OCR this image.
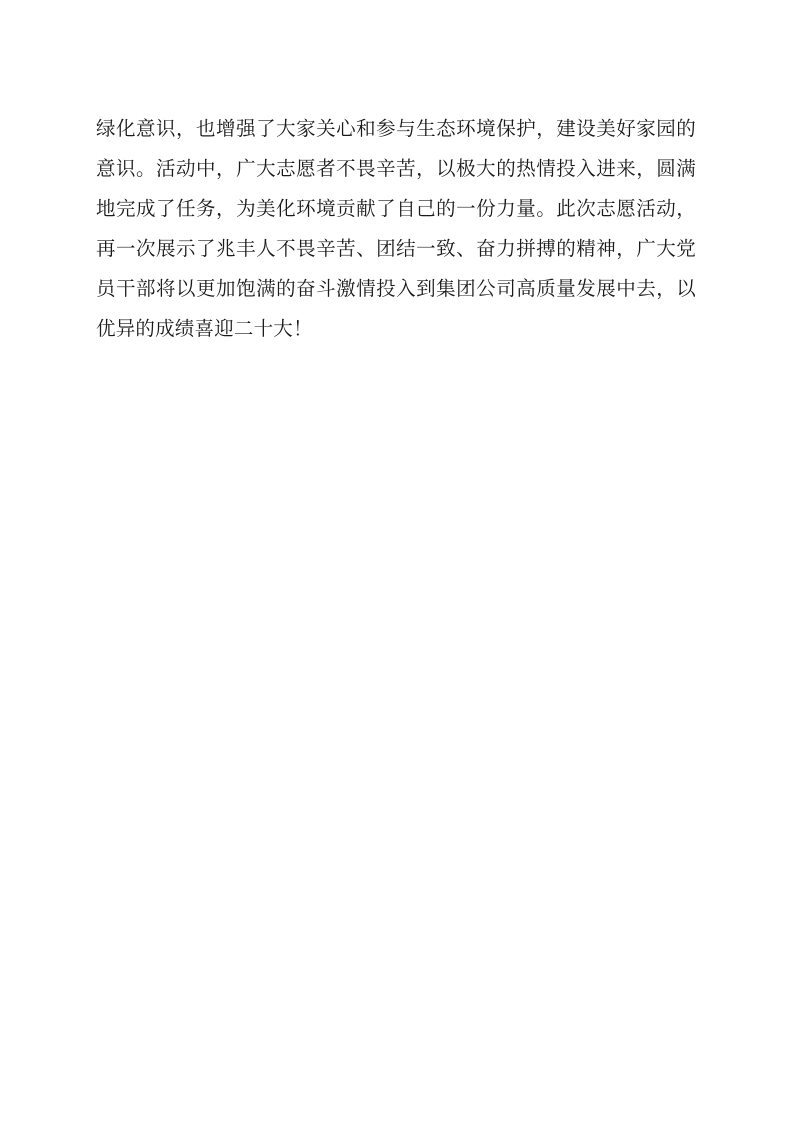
绿化意识，也增强了大家关心和参与生态环境保护，建设美好家园的意识。活动中，广大志愿者不畏辛苦，以极大的热情投入进来，圆满地完成了任务，为美化环境贡献了自己的一份力量。此次志愿活动，再一次展示了兆丰人不畏辛苦、团结一致、奋力拼搏的精神，广大党员干部将以更加饱满的奋斗激情投入到集团公司高质量发展中去，以优异的成绩喜迎二十大！
